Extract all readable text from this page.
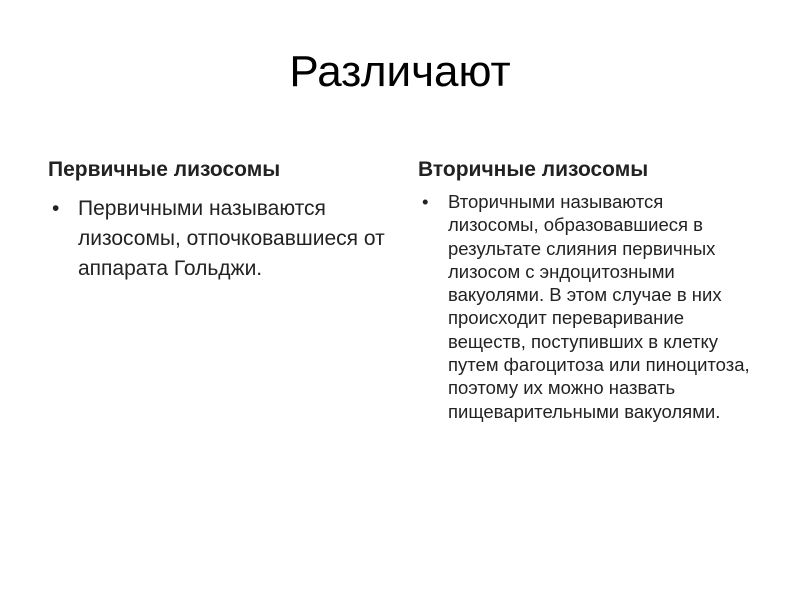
Различают
Первичные лизосомы
• Первичными называются лизосомы, отпочковавшиеся от аппарата Гольджи.
Вторичные лизосомы
• Вторичными называются лизосомы, образовавшиеся в результате слияния первичных лизосом с эндоцитозными вакуолями. В этом случае в них происходит переваривание веществ, поступивших в клетку путем фагоцитоза или пиноцитоза, поэтому их можно назвать пищеварительными вакуолями.
